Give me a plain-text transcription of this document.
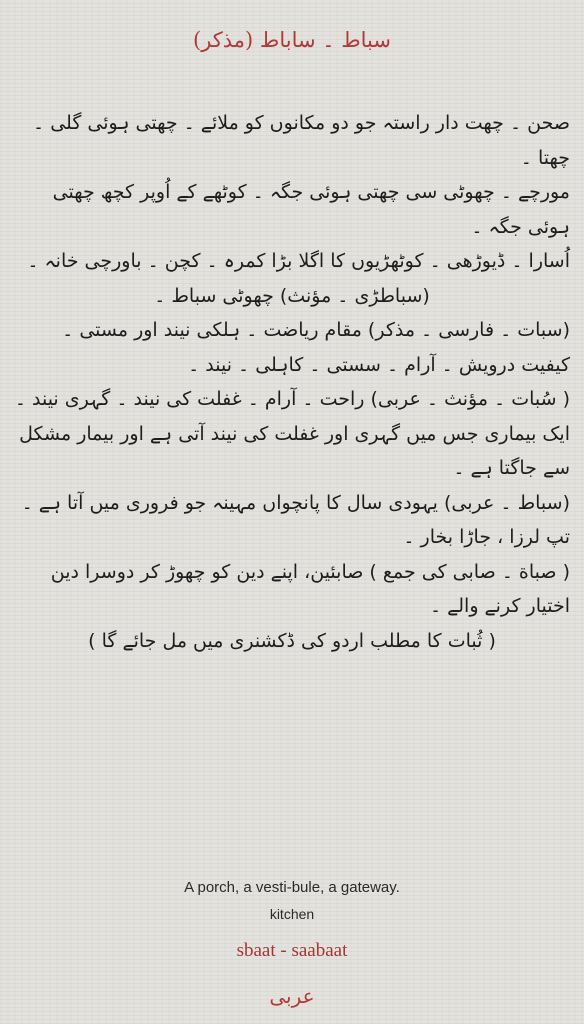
سباط ۔ ساباط (مذکر)

صحن ۔ چھت دار راستہ جو دو مکانوں کو ملائے ۔ چھتی ہوئی گلی ۔ چھتا ۔

مورچے ۔ چھوٹی سی چھتی ہوئی جگہ ۔ کوٹھے کے اُوپر کچھ چھتی ہوئی جگہ ۔

اُسارا ۔ ڈیوڑھی ۔ کوٹھڑیوں کا اگلا بڑا کمرہ ۔ کچن ۔ باورچی خانہ ۔

(سباطڑی ۔ مؤنث) چھوٹی سباط ۔

(سبات ۔ فارسی ۔ مذکر) مقام ریاضت ۔ ہلکی نیند اور مستی ۔ کیفیت درویش ۔ آرام ۔ سستی ۔ کاہلی ۔ نیند ۔

( سُبات ۔ مؤنث ۔ عربی) راحت ۔ آرام ۔ غفلت کی نیند ۔ گہری نیند ۔ ایک بیماری جس میں گہری اور غفلت کی نیند آتی ہے اور بیمار مشکل سے جاگتا ہے ۔

(سباط ۔ عربی) یہودی سال کا پانچواں مہینہ جو فروری میں آتا ہے ۔ تپ لرزا ، جاڑا بخار ۔

( صباة ۔ صابی کی جمع ) صابئین، اپنے دین کو چھوڑ کر دوسرا دین اختیار کرنے والے ۔

( ثُبات کا مطلب اردو کی ڈکشنری میں مل جائے گا )

A porch, a vesti-bule, a gateway.
kitchen
sbaat - saabaat
عربی
